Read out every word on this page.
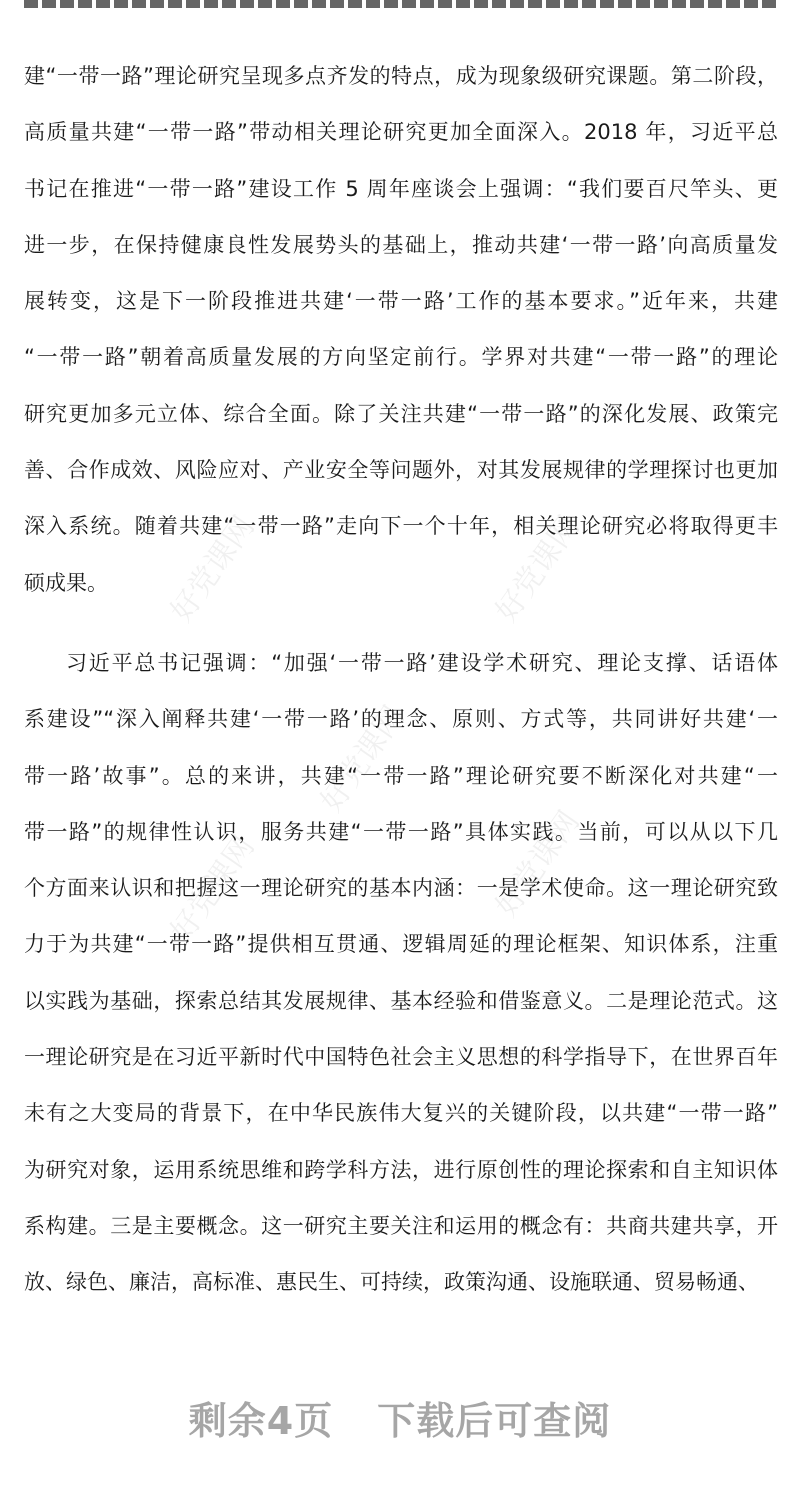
好党课网	好党课网
好党课网
好党课网	好党课网
建“一带一路”理论研究呈现多点齐发的特点，成为现象级研究课题。第二阶段，
高质量共建“一带一路”带动相关理论研究更加全面深入。2018 年，习近平总
书记在推进“一带一路”建设工作 5 周年座谈会上强调：“我们要百尺竿头、更
进一步，在保持健康良性发展势头的基础上，推动共建‘一带一路’向高质量发
展转变，这是下一阶段推进共建‘一带一路’工作的基本要求。”近年来，共建
“一带一路”朝着高质量发展的方向坚定前行。学界对共建“一带一路”的理论
研究更加多元立体、综合全面。除了关注共建“一带一路”的深化发展、政策完
善、合作成效、风险应对、产业安全等问题外，对其发展规律的学理探讨也更加
深入系统。随着共建“一带一路”走向下一个十年，相关理论研究必将取得更丰
硕成果。
习近平总书记强调：“加强‘一带一路’建设学术研究、理论支撑、话语体
系建设”“深入阐释共建‘一带一路’的理念、原则、方式等，共同讲好共建‘一
带一路’故事”。总的来讲，共建“一带一路”理论研究要不断深化对共建“一
带一路”的规律性认识，服务共建“一带一路”具体实践。当前，可以从以下几
个方面来认识和把握这一理论研究的基本内涵：一是学术使命。这一理论研究致
力于为共建“一带一路”提供相互贯通、逻辑周延的理论框架、知识体系，注重
以实践为基础，探索总结其发展规律、基本经验和借鉴意义。二是理论范式。这
一理论研究是在习近平新时代中国特色社会主义思想的科学指导下，在世界百年
未有之大变局的背景下，在中华民族伟大复兴的关键阶段，以共建“一带一路”
为研究对象，运用系统思维和跨学科方法，进行原创性的理论探索和自主知识体
系构建。三是主要概念。这一研究主要关注和运用的概念有：共商共建共享，开
放、绿色、廉洁，高标准、惠民生、可持续，政策沟通、设施联通、贸易畅通、
剩余4页 下载后可查阅
